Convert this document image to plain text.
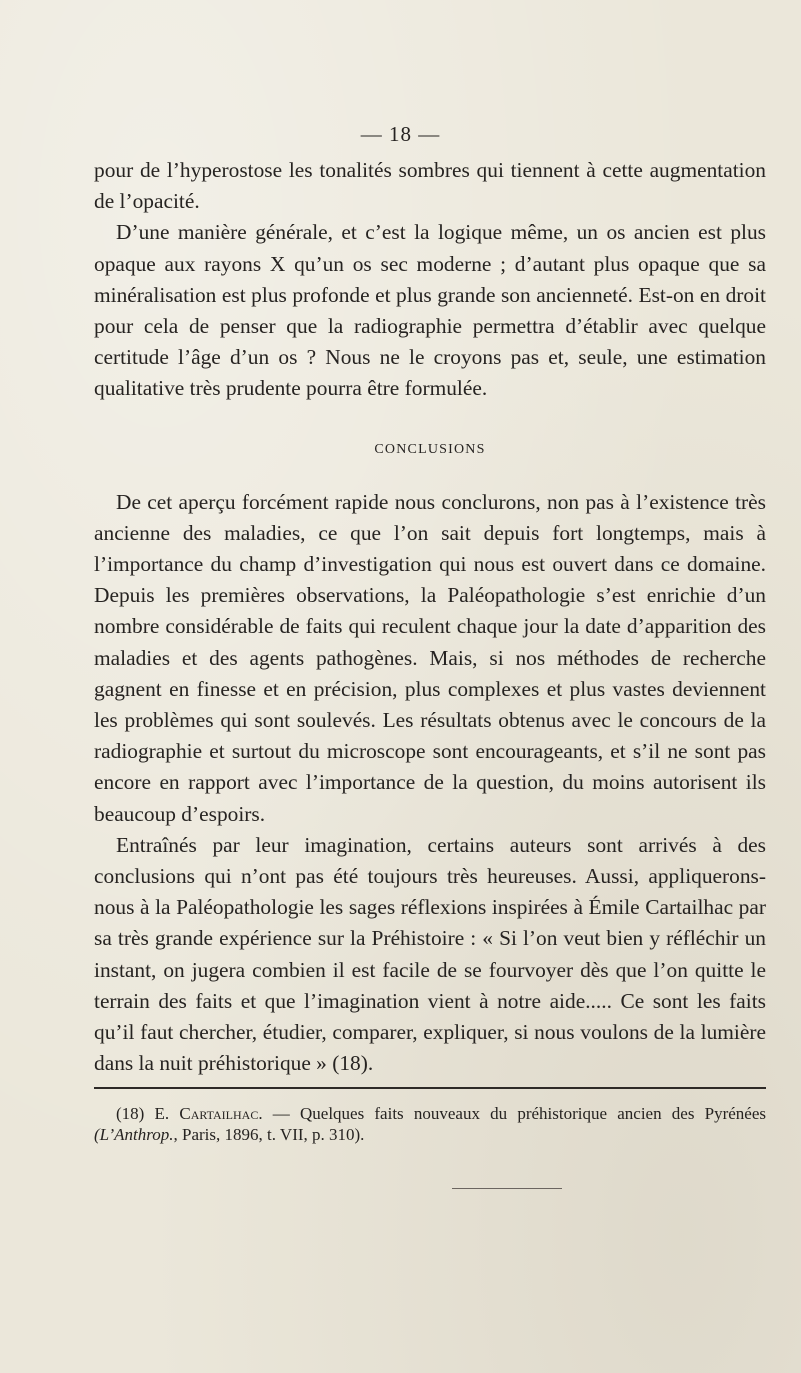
— 18 —

pour de l’hyperostose les tonalités sombres qui tiennent à cette augmentation de l’opacité.

D’une manière générale, et c’est la logique même, un os ancien est plus opaque aux rayons X qu’un os sec moderne ; d’autant plus opaque que sa minéralisation est plus profonde et plus grande son ancienneté. Est-on en droit pour cela de penser que la radiographie permettra d’établir avec quelque certitude l’âge d’un os ? Nous ne le croyons pas et, seule, une estimation qualitative très prudente pourra être formulée.

CONCLUSIONS

De cet aperçu forcément rapide nous conclurons, non pas à l’existence très ancienne des maladies, ce que l’on sait depuis fort longtemps, mais à l’importance du champ d’investigation qui nous est ouvert dans ce domaine. Depuis les premières observations, la Paléopathologie s’est enrichie d’un nombre considérable de faits qui reculent chaque jour la date d’apparition des maladies et des agents pathogènes. Mais, si nos méthodes de recherche gagnent en finesse et en précision, plus complexes et plus vastes deviennent les problèmes qui sont soulevés. Les résultats obtenus avec le concours de la radiographie et surtout du microscope sont encourageants, et s’il ne sont pas encore en rapport avec l’importance de la question, du moins autorisent ils beaucoup d’espoirs.

Entraînés par leur imagination, certains auteurs sont arrivés à des conclusions qui n’ont pas été toujours très heureuses. Aussi, appliquerons-nous à la Paléopathologie les sages réflexions inspirées à Émile Cartailhac par sa très grande expérience sur la Préhistoire : « Si l’on veut bien y réfléchir un instant, on jugera combien il est facile de se fourvoyer dès que l’on quitte le terrain des faits et que l’imagination vient à notre aide..... Ce sont les faits qu’il faut chercher, étudier, comparer, expliquer, si nous voulons de la lumière dans la nuit préhistorique » (18).

(18) E. Cartailhac. — Quelques faits nouveaux du préhistorique ancien des Pyrénées (L’Anthrop., Paris, 1896, t. VII, p. 310).
